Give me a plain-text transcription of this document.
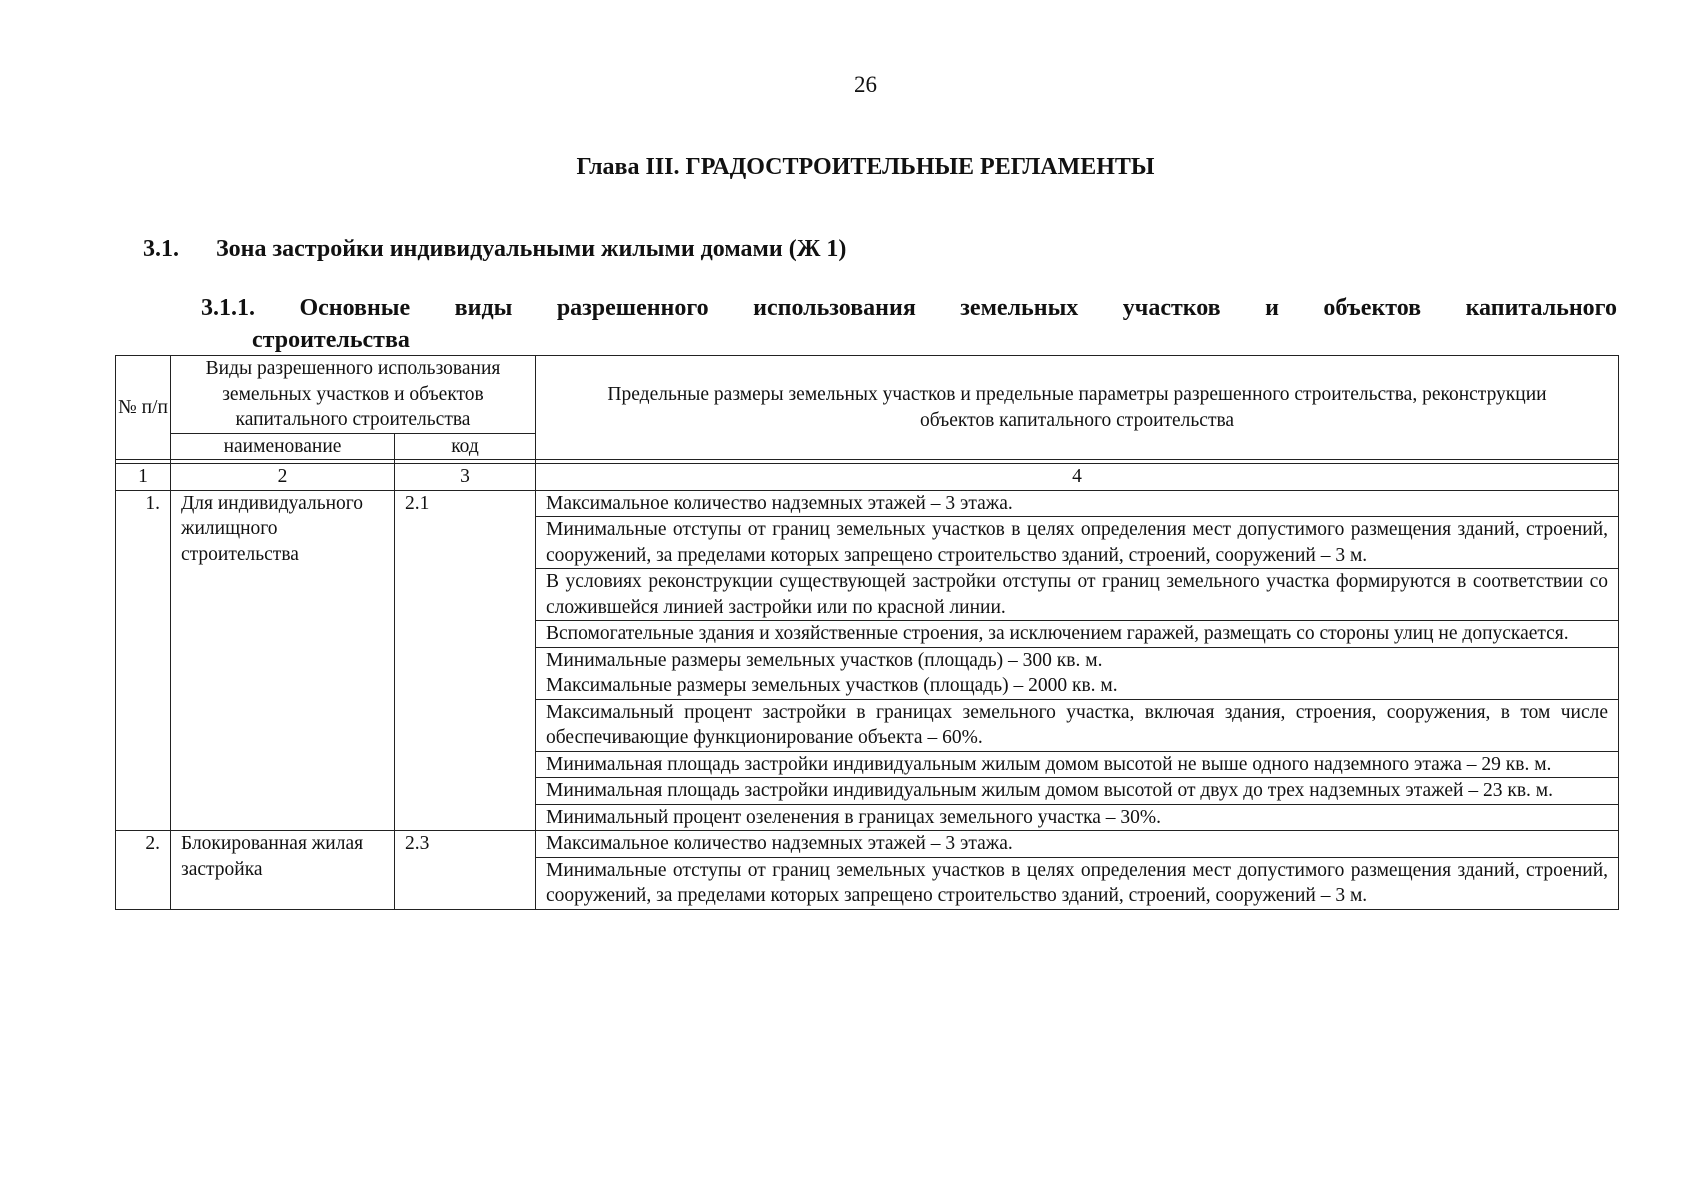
26
Глава III. ГРАДОСТРОИТЕЛЬНЫЕ РЕГЛАМЕНТЫ
3.1. Зона застройки индивидуальными жилыми домами (Ж 1)
3.1.1. Основные виды разрешенного использования земельных участков и объектов капитального
строительства
№ п/п	Виды разрешенного использования земельных участков и объектов капитального строительства		Предельные размеры земельных участков и предельные параметры разрешенного строительства, реконструкции объектов капитального строительства
	наименование	код	

1	2	3	4
1.	Для индивидуального жилищного строительства	2.1	Максимальное количество надземных этажей – 3 этажа.
			Минимальные отступы от границ земельных участков в целях определения мест допустимого размещения зданий, строений, сооружений, за пределами которых запрещено строительство зданий, строений, сооружений – 3 м.
			В условиях реконструкции существующей застройки отступы от границ земельного участка формируются в соответствии со сложившейся линией застройки или по красной линии.
			Вспомогательные здания и хозяйственные строения, за исключением гаражей, размещать со стороны улиц не допускается.

			Минимальные размеры земельных участков (площадь) – 300 кв. м.
Максимальные размеры земельных участков (площадь) – 2000 кв. м.

			Максимальный процент застройки в границах земельного участка, включая здания, строения, сооружения, в том числе обеспечивающие функционирование объекта – 60%.
			Минимальная площадь застройки индивидуальным жилым домом высотой не выше одного надземного этажа – 29 кв. м.
			Минимальная площадь застройки индивидуальным жилым домом высотой от двух до трех надземных этажей – 23 кв. м.
			Минимальный процент озеленения в границах земельного участка – 30%.
2.	Блокированная жилая застройка	2.3	Максимальное количество надземных этажей – 3 этажа.
			Минимальные отступы от границ земельных участков в целях определения мест допустимого размещения зданий, строений, сооружений, за пределами которых запрещено строительство зданий, строений, сооружений – 3 м.
